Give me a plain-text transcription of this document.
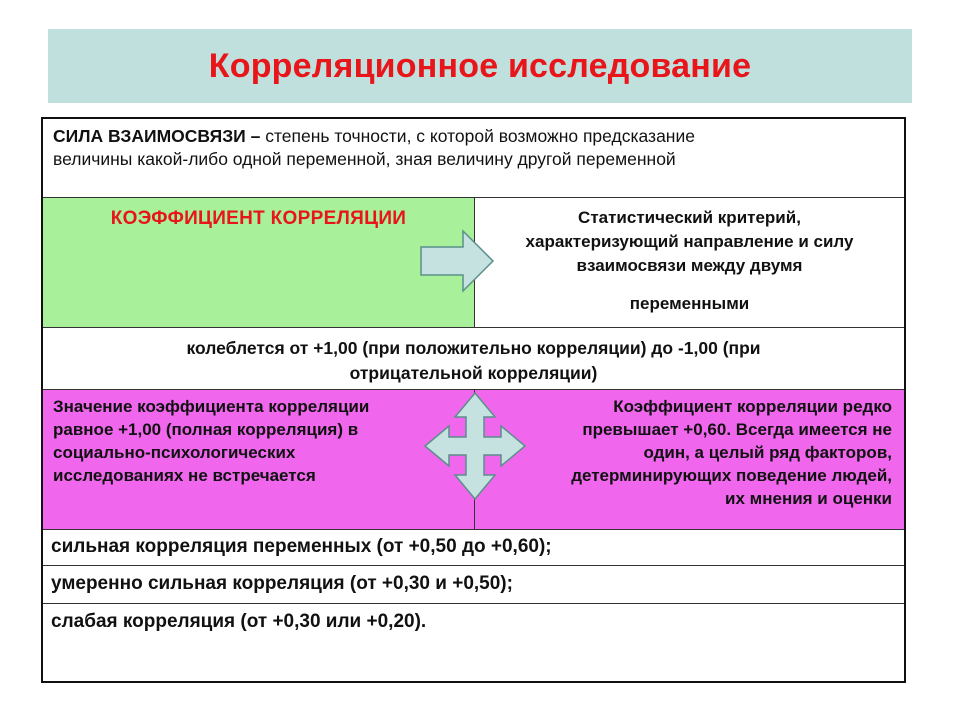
Корреляционное исследование
СИЛА ВЗАИМОСВЯЗИ – степень точности, с которой возможно предсказание
величины какой-либо одной переменной, зная величину другой переменной
КОЭФФИЦИЕНТ КОРРЕЛЯЦИИ	Статистический критерий,
характеризующий направление и силу
взаимосвязи между двумя
переменными
колеблется от +1,00 (при положительно корреляции) до -1,00 (при
отрицательной корреляции)
Значение коэффициента корреляции
равное +1,00 (полная корреляция) в
социально-психологических
исследованиях не встречается
Коэффициент корреляции редко
превышает +0,60. Всегда имеется не
один, а целый ряд факторов,
детерминирующих поведение людей,
их мнения и оценки
сильная корреляция переменных (от +0,50 до +0,60);
умеренно сильная корреляция (от +0,30 и +0,50);
слабая корреляция (от +0,30 или +0,20).
